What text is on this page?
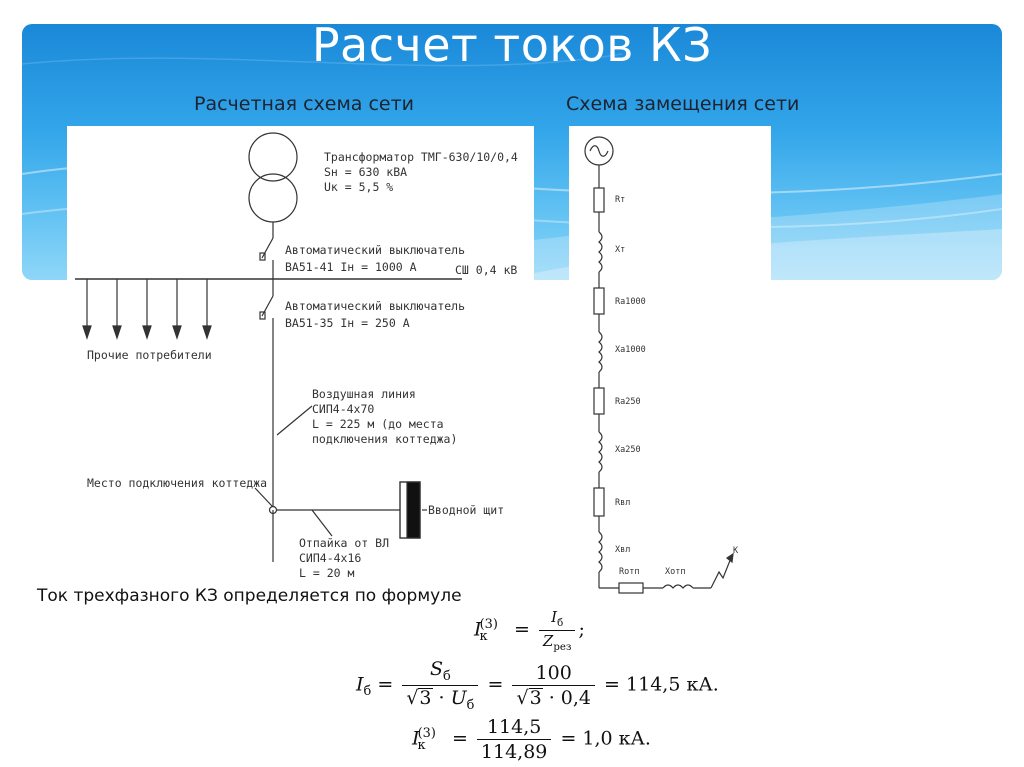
Расчет токов КЗ
Расчетная схема сети	Схема замещения сети
Трансформатор ТМГ-630/10/0,4
Sн = 630 кВА
Uк = 5,5 %
Автоматический выключатель
ВА51-41 Iн = 1000 А	СШ 0,4 кВ
Автоматический выключатель
ВА51-35 Iн = 250 А
Прочие потребители
Воздушная линия
СИП4-4х70
L = 225 м (до места
подключения коттеджа)
Место подключения коттеджа
Вводной щит
Отпайка от ВЛ
СИП4-4х16
L = 20 м
Rт
Xт
Rа1000
Xа1000
Rа250
Xа250
Rвл
Xвл
Rотп	Xотп
К
Ток трехфазного КЗ определяется по формуле
$I_к^{(3)} = \frac{I_б}{Z_{рез}}$ ;
$I_б = \frac{S_б}{√3 \cdot U_б} = \frac{100}{√3 \cdot 0,4} = 114,5$ кА.
$I_к^{(3)} = \frac{114,5}{114,89} = 1,0$ кА.
